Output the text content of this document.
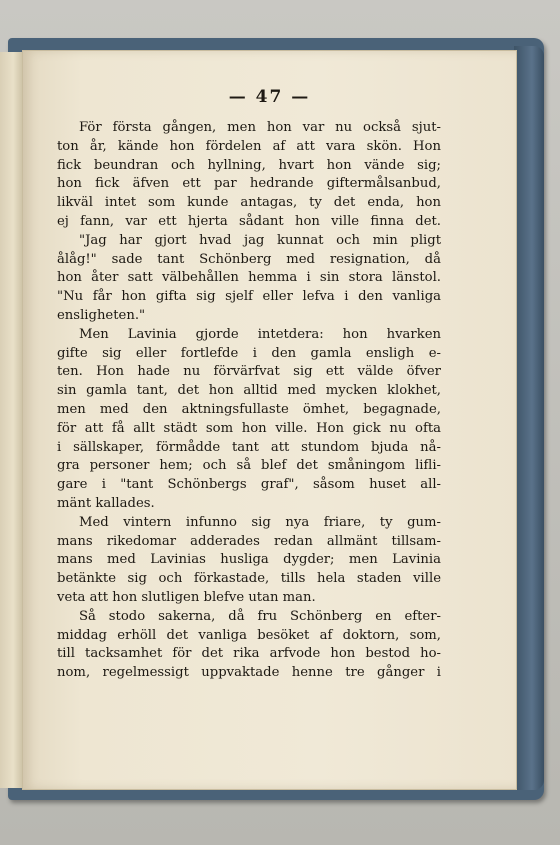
— 47 —
För första gången, men hon var nu också sjut-
ton år, kände hon fördelen af att vara skön. Hon
fick beundran och hyllning, hvart hon vände sig;
hon fick äfven ett par hedrande giftermålsanbud,
likväl intet som kunde antagas, ty det enda, hon
ej fann, var ett hjerta sådant hon ville finna det.
"Jag har gjort hvad jag kunnat och min pligt
ålåg!" sade tant Schönberg med resignation, då
hon åter satt välbehållen hemma i sin stora länstol.
"Nu får hon gifta sig sjelf eller lefva i den vanliga
ensligheten."
Men Lavinia gjorde intetdera: hon hvarken
gifte sig eller fortlefde i den gamla ensligh e-
ten. Hon hade nu förvärfvat sig ett välde öfver
sin gamla tant, det hon alltid med mycken klokhet,
men med den aktningsfullaste ömhet, begagnade,
för att få allt städt som hon ville. Hon gick nu ofta
i sällskaper, förmådde tant att stundom bjuda nå-
gra personer hem; och så blef det småningom lifli-
gare i "tant Schönbergs graf", såsom huset all-
mänt kallades.
Med vintern infunno sig nya friare, ty gum-
mans rikedomar adderades redan allmänt tillsam-
mans med Lavinias husliga dygder; men Lavinia
betänkte sig och förkastade, tills hela staden ville
veta att hon slutligen blefve utan man.
Så stodo sakerna, då fru Schönberg en efter-
middag erhöll det vanliga besöket af doktorn, som,
till tacksamhet för det rika arfvode hon bestod ho-
nom, regelmessigt uppvaktade henne tre gånger i
